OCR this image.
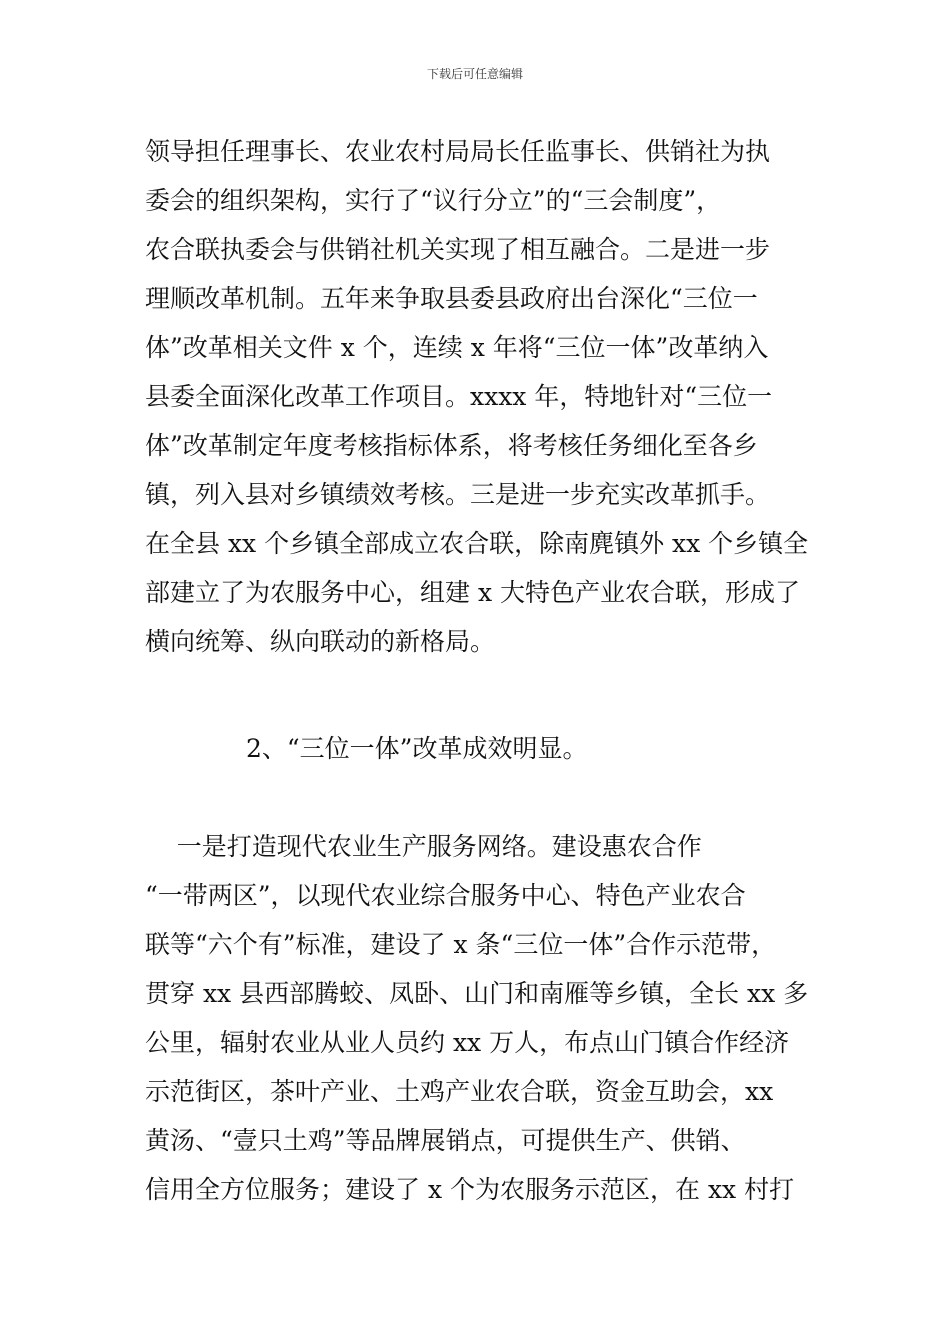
下载后可任意编辑
领导担任理事长、农业农村局局长任监事长、供销社为执
委会的组织架构，实行了“议行分立”的“三会制度”，
农合联执委会与供销社机关实现了相互融合。二是进一步
理顺改革机制。五年来争取县委县政府出台深化“三位一
体”改革相关文件 x 个，连续 x 年将“三位一体”改革纳入
县委全面深化改革工作项目。xxxx 年，特地针对“三位一
体”改革制定年度考核指标体系，将考核任务细化至各乡
镇，列入县对乡镇绩效考核。三是进一步充实改革抓手。
在全县 xx 个乡镇全部成立农合联，除南麂镇外 xx 个乡镇全
部建立了为农服务中心，组建 x 大特色产业农合联，形成了
横向统筹、纵向联动的新格局。
2、“三位一体”改革成效明显。
一是打造现代农业生产服务网络。建设惠农合作
“一带两区”，以现代农业综合服务中心、特色产业农合
联等“六个有”标准，建设了 x 条“三位一体”合作示范带，
贯穿 xx 县西部腾蛟、凤卧、山门和南雁等乡镇，全长 xx 多
公里，辐射农业从业人员约 xx 万人，布点山门镇合作经济
示范街区，茶叶产业、土鸡产业农合联，资金互助会，xx
黄汤、“壹只土鸡”等品牌展销点，可提供生产、供销、
信用全方位服务；建设了 x 个为农服务示范区，在 xx 村打
